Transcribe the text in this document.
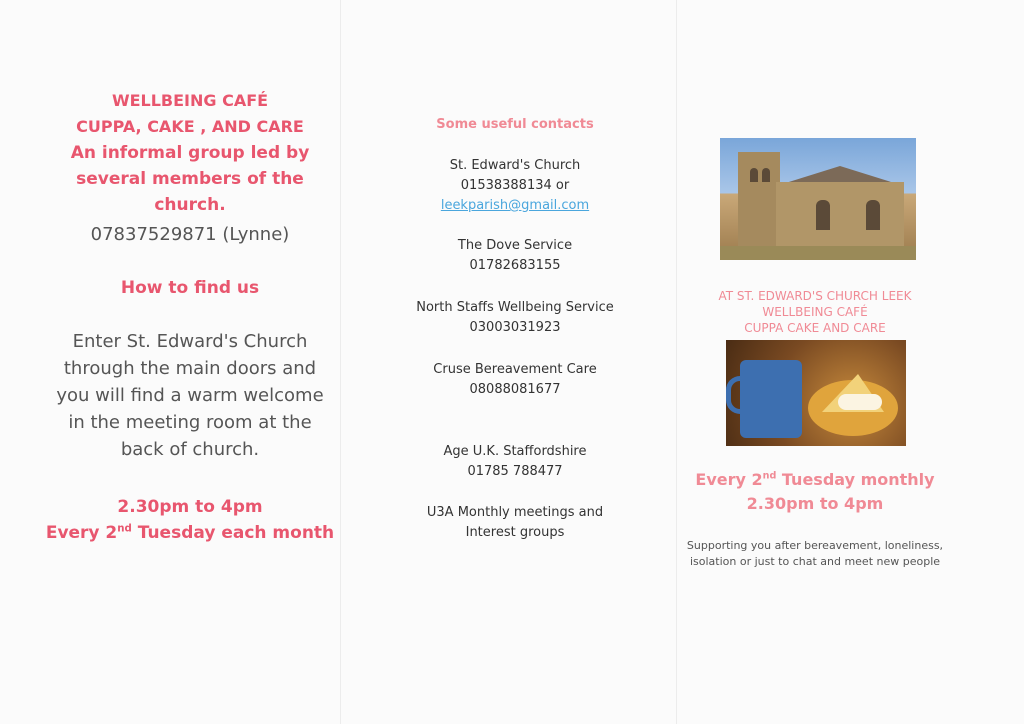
WELLBEING CAFÉ
CUPPA, CAKE , AND CARE
An informal group led by several members of the church.
07837529871 (Lynne)
How to find us
Enter St. Edward's Church through the main doors and you will find a warm welcome in the meeting room at the back of church.
2.30pm to 4pm
Every 2nd Tuesday each month
Some useful contacts
St. Edward's Church
01538388134 or
leekparish@gmail.com
The Dove Service
01782683155
North Staffs Wellbeing Service
03003031923
Cruse Bereavement Care
08088081677
Age U.K. Staffordshire
01785 788477
U3A Monthly meetings and
Interest groups
AT ST. EDWARD'S CHURCH LEEK
WELLBEING CAFÉ
CUPPA CAKE AND CARE
Every 2nd Tuesday monthly
2.30pm to 4pm
Supporting you after bereavement, loneliness, isolation or just to chat and meet new people
